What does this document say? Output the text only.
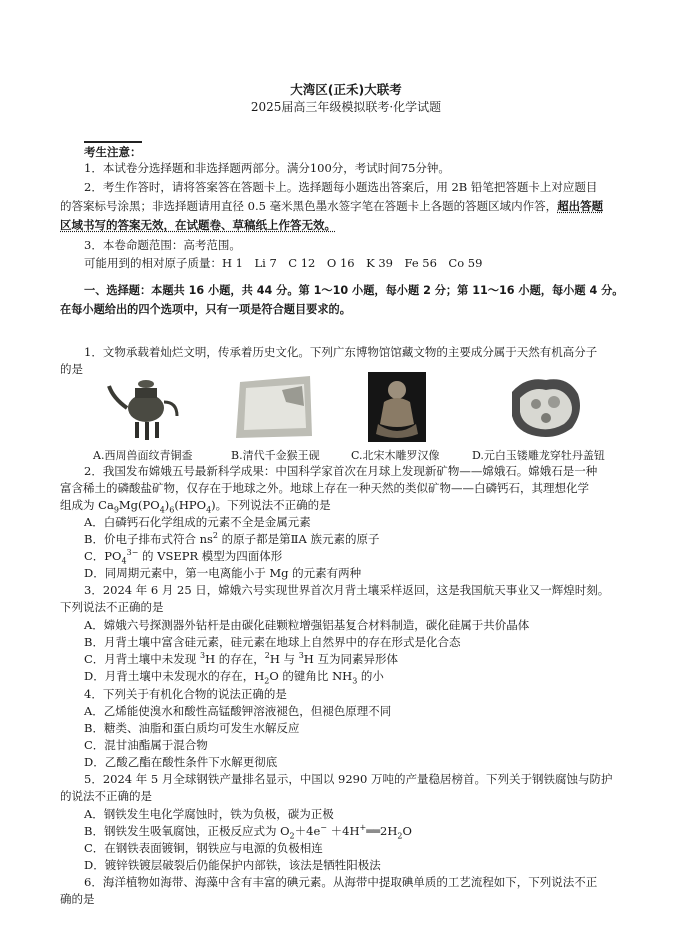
大湾区(正禾)大联考
2025届高三年级模拟联考·化学试题
考生注意：
1．本试卷分选择题和非选择题两部分。满分100分，考试时间75分钟。
2．考生作答时，请将答案答在答题卡上。选择题每小题选出答案后，用 2B 铅笔把答题卡上对应题目
的答案标号涂黑；非选择题请用直径 0.5 毫米黑色墨水签字笔在答题卡上各题的答题区域内作答，超出答题
区域书写的答案无效，在试题卷、草稿纸上作答无效。
3．本卷命题范围：高考范围。
可能用到的相对原子质量：H 1　Li 7　C 12　O 16　K 39　Fe 56　Co 59
一、选择题：本题共 16 小题，共 44 分。第 1～10 小题，每小题 2 分；第 11～16 小题，每小题 4 分。
在每小题给出的四个选项中，只有一项是符合题目要求的。
1．文物承载着灿烂文明，传承着历史文化。下列广东博物馆馆藏文物的主要成分属于天然有机高分子
的是
A.西周兽面纹青铜盉	B.清代千金猴王砚	C.北宋木雕罗汉像	D.元白玉镂雕龙穿牡丹盖钮
2．我国发布嫦娥五号最新科学成果：中国科学家首次在月球上发现新矿物——嫦娥石。嫦娥石是一种
富含稀土的磷酸盐矿物，仅存在于地球之外。地球上存在一种天然的类似矿物——白磷钙石，其理想化学
组成为 $Ca_9Mg(PO_4)_6(HPO_4)$。下列说法不正确的是
A．白磷钙石化学组成的元素不全是金属元素
B．价电子排布式符合 $ns^2$ 的原子都是第ⅡA 族元素的原子
C．$PO_4^{3-}$ 的 VSEPR 模型为四面体形
D．同周期元素中，第一电离能小于 Mg 的元素有两种
3．2024 年 6 月 25 日，嫦娥六号实现世界首次月背土壤采样返回，这是我国航天事业又一辉煌时刻。
下列说法不正确的是
A．嫦娥六号探测器外钻杆是由碳化硅颗粒增强铝基复合材料制造，碳化硅属于共价晶体
B．月背土壤中富含硅元素，硅元素在地球上自然界中的存在形式是化合态
C．月背土壤中未发现 $^3$H 的存在，$^2$H 与 $^3$H 互为同素异形体
D．月背土壤中未发现水的存在，$H_2O$ 的键角比 $NH_3$ 的小
4．下列关于有机化合物的说法正确的是
A．乙烯能使溴水和酸性高锰酸钾溶液褪色，但褪色原理不同
B．糖类、油脂和蛋白质均可发生水解反应
C．混甘油酯属于混合物
D．乙酸乙酯在酸性条件下水解更彻底
5．2024 年 5 月全球钢铁产量排名显示，中国以 9290 万吨的产量稳居榜首。下列关于钢铁腐蚀与防护
的说法不正确的是
A．钢铁发生电化学腐蚀时，铁为负极，碳为正极
B．钢铁发生吸氧腐蚀，正极反应式为 $O_2+4e^-$ $+4H^+══2H_2O$
C．在钢铁表面镀铜，钢铁应与电源的负极相连
D．镀锌铁镀层破裂后仍能保护内部铁，该法是牺牲阳极法
6．海洋植物如海带、海藻中含有丰富的碘元素。从海带中提取碘单质的工艺流程如下，下列说法不正
确的是
